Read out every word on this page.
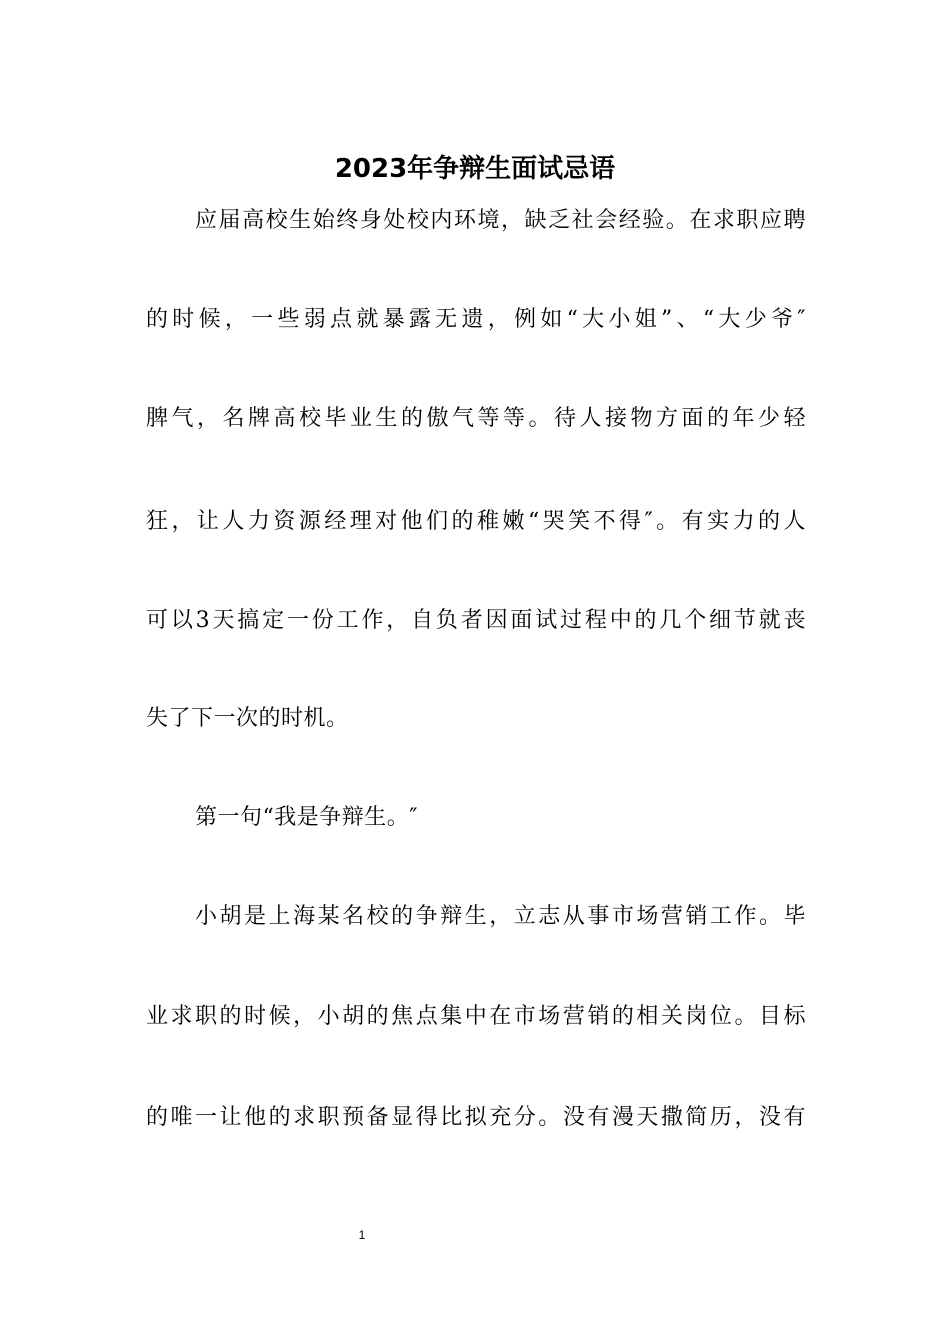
2023年争辩生面试忌语
应届高校生始终身处校内环境，缺乏社会经验。在求职应聘
的时候，一些弱点就暴露无遗，例如“大小姐”、“大少爷″
脾气，名牌高校毕业生的傲气等等。待人接物方面的年少轻
狂，让人力资源经理对他们的稚嫩“哭笑不得″。有实力的人
可以3天搞定一份工作，自负者因面试过程中的几个细节就丧
失了下一次的时机。
第一句“我是争辩生。″
小胡是上海某名校的争辩生，立志从事市场营销工作。毕
业求职的时候，小胡的焦点集中在市场营销的相关岗位。目标
的唯一让他的求职预备显得比拟充分。没有漫天撒简历，没有
1
